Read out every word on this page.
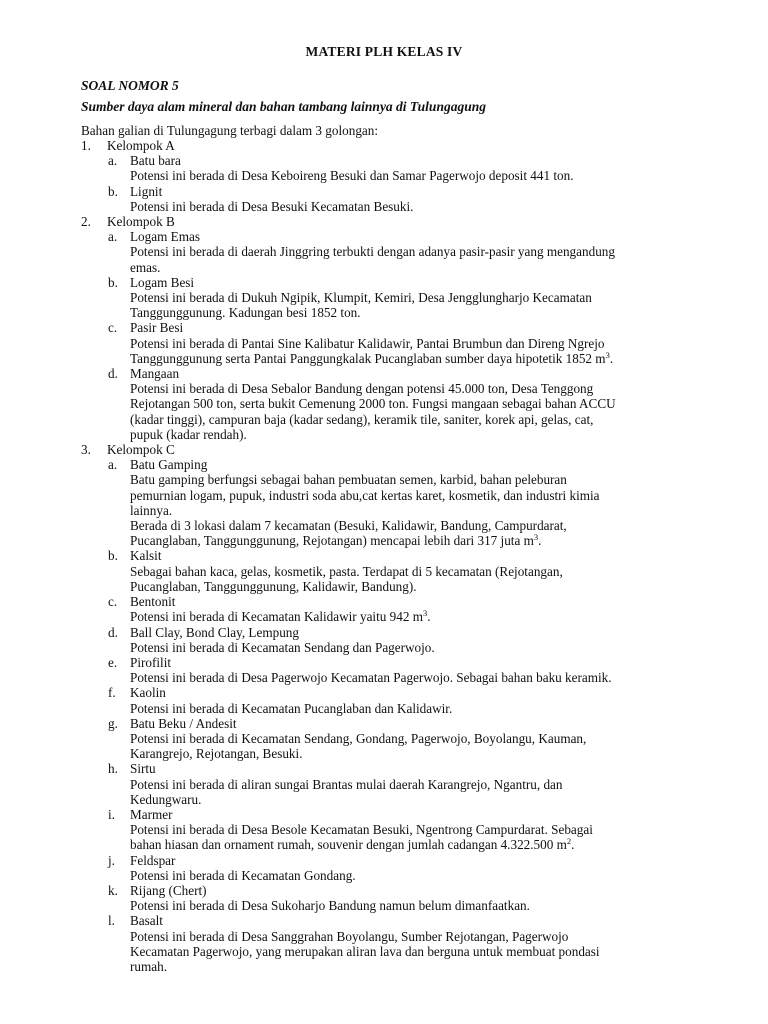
MATERI PLH KELAS IV
SOAL NOMOR 5
Sumber daya alam mineral dan bahan tambang lainnya di Tulungagung
Bahan galian di Tulungagung terbagi dalam 3 golongan:
1.	Kelompok A
a. Batu bara
Potensi ini berada di Desa Keboireng Besuki dan Samar Pagerwojo deposit 441 ton.
b. Lignit
Potensi ini berada di Desa Besuki Kecamatan Besuki.
2.	Kelompok B
a. Logam Emas
Potensi ini berada di daerah Jinggring terbukti dengan adanya pasir-pasir yang mengandung
emas.
b. Logam Besi
Potensi ini berada di Dukuh Ngipik, Klumpit, Kemiri, Desa Jengglungharjo Kecamatan
Tanggunggunung. Kadungan besi 1852 ton.
c. Pasir Besi
Potensi ini berada di Pantai Sine Kalibatur Kalidawir, Pantai Brumbun dan Direng Ngrejo
Tanggunggunung serta Pantai Panggungkalak Pucanglaban sumber daya hipotetik 1852 $m^3$.
d. Mangaan
Potensi ini berada di Desa Sebalor Bandung dengan potensi 45.000 ton, Desa Tenggong
Rejotangan 500 ton, serta bukit Cemenung 2000 ton. Fungsi mangaan sebagai bahan ACCU
(kadar tinggi), campuran baja (kadar sedang), keramik tile, saniter, korek api, gelas, cat,
pupuk (kadar rendah).
3.	Kelompok C
a. Batu Gamping
Batu gamping berfungsi sebagai bahan pembuatan semen, karbid, bahan peleburan
pemurnian logam, pupuk, industri soda abu,cat kertas karet, kosmetik, dan industri kimia
lainnya.
Berada di 3 lokasi dalam 7 kecamatan (Besuki, Kalidawir, Bandung, Campurdarat,
Pucanglaban, Tanggunggunung, Rejotangan) mencapai lebih dari 317 juta $m^3$.
b. Kalsit
Sebagai bahan kaca, gelas, kosmetik, pasta. Terdapat di 5 kecamatan (Rejotangan,
Pucanglaban, Tanggunggunung, Kalidawir, Bandung).
c. Bentonit
Potensi ini berada di Kecamatan Kalidawir yaitu 942 $m^3$.
d. Ball Clay, Bond Clay, Lempung
Potensi ini berada di Kecamatan Sendang dan Pagerwojo.
e. Pirofilit
Potensi ini berada di Desa Pagerwojo Kecamatan Pagerwojo. Sebagai bahan baku keramik.
f. Kaolin
Potensi ini berada di Kecamatan Pucanglaban dan Kalidawir.
g. Batu Beku / Andesit
Potensi ini berada di Kecamatan Sendang, Gondang, Pagerwojo, Boyolangu, Kauman,
Karangrejo, Rejotangan, Besuki.
h. Sirtu
Potensi ini berada di aliran sungai Brantas mulai daerah Karangrejo, Ngantru, dan
Kedungwaru.
i. Marmer
Potensi ini berada di Desa Besole Kecamatan Besuki, Ngentrong Campurdarat. Sebagai
bahan hiasan dan ornament rumah, souvenir dengan jumlah cadangan 4.322.500 $m^2$.
j. Feldspar
Potensi ini berada di Kecamatan Gondang.
k. Rijang (Chert)
Potensi ini berada di Desa Sukoharjo Bandung namun belum dimanfaatkan.
l. Basalt
Potensi ini berada di Desa Sanggrahan Boyolangu, Sumber Rejotangan, Pagerwojo
Kecamatan Pagerwojo, yang merupakan aliran lava dan berguna untuk membuat pondasi
rumah.
